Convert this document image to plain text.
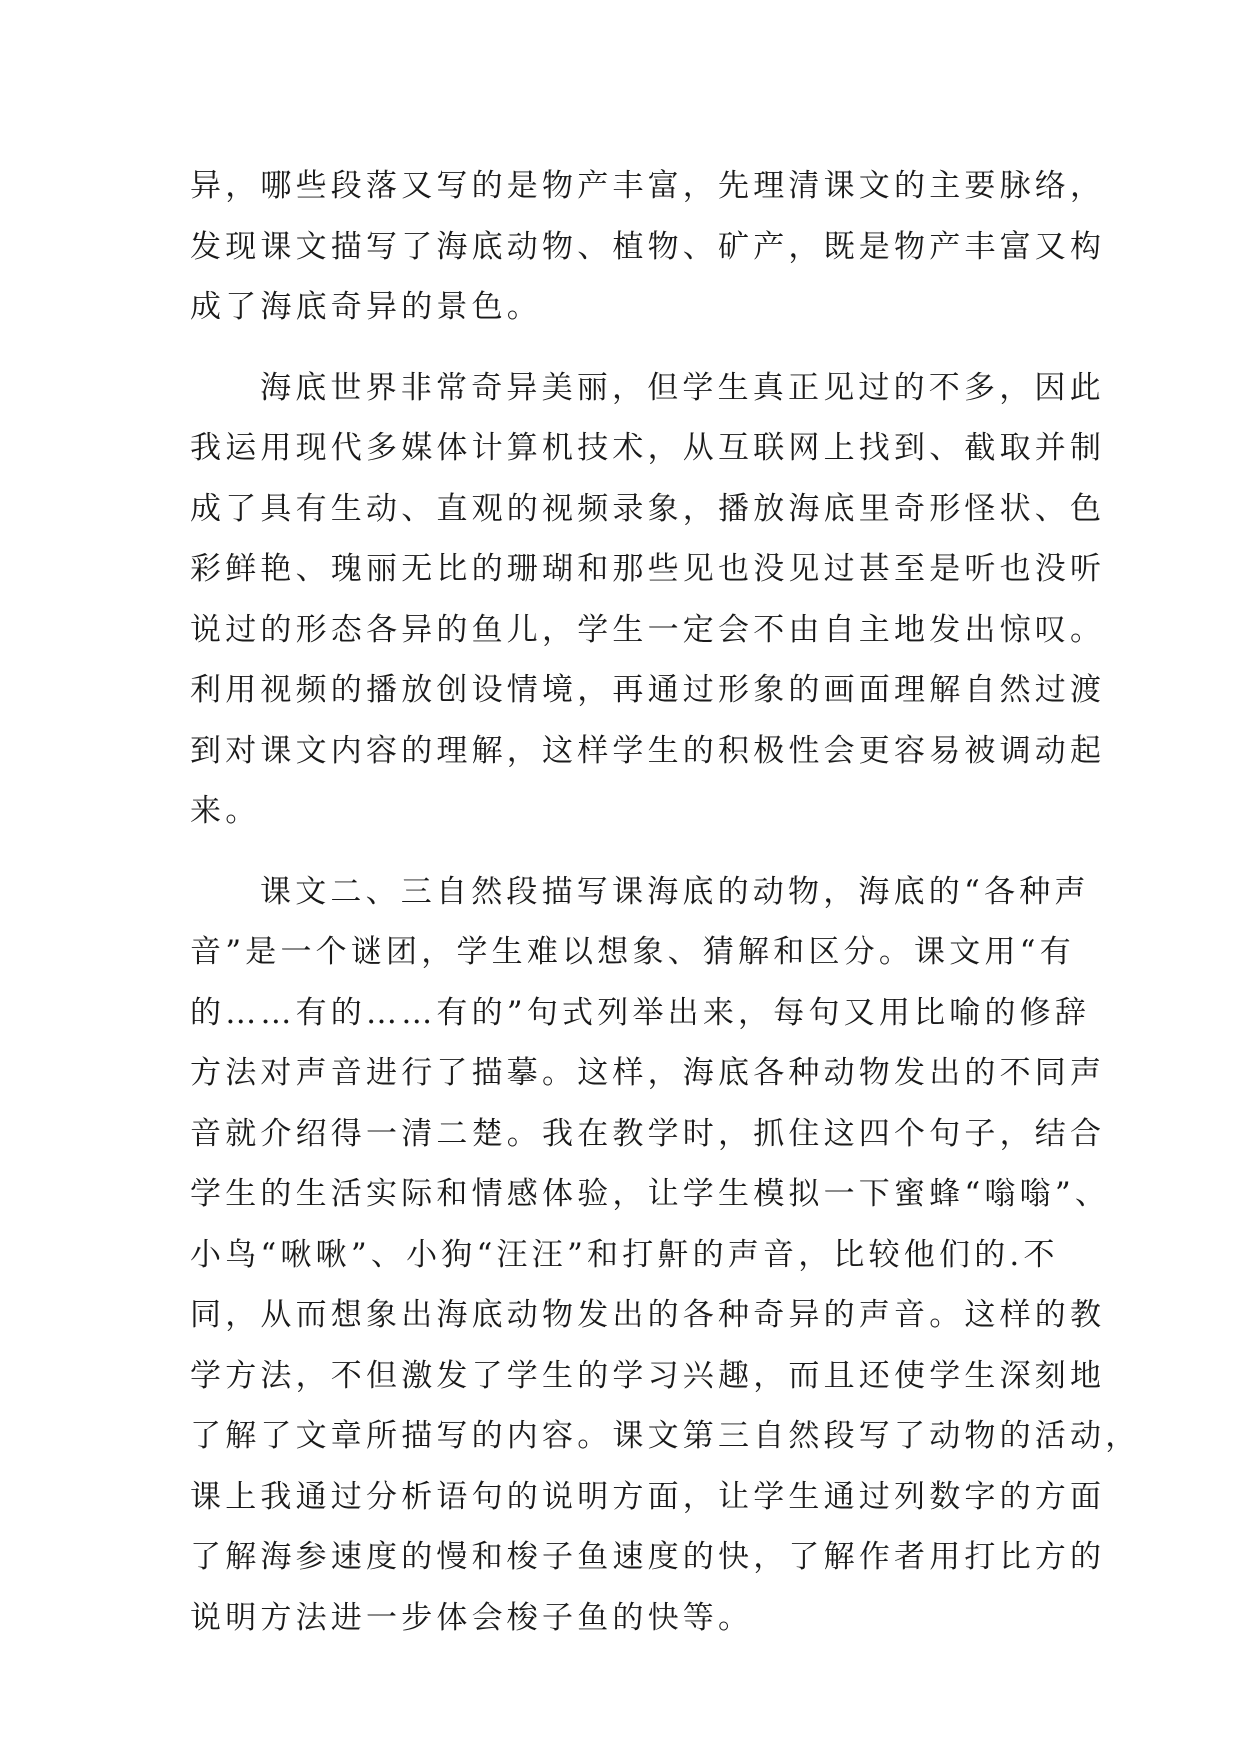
异，哪些段落又写的是物产丰富，先理清课文的主要脉络，
发现课文描写了海底动物、植物、矿产，既是物产丰富又构
成了海底奇异的景色。
海底世界非常奇异美丽，但学生真正见过的不多，因此
我运用现代多媒体计算机技术，从互联网上找到、截取并制
成了具有生动、直观的视频录象，播放海底里奇形怪状、色
彩鲜艳、瑰丽无比的珊瑚和那些见也没见过甚至是听也没听
说过的形态各异的鱼儿，学生一定会不由自主地发出惊叹。
利用视频的播放创设情境，再通过形象的画面理解自然过渡
到对课文内容的理解，这样学生的积极性会更容易被调动起
来。
课文二、三自然段描写课海底的动物，海底的“各种声
音”是一个谜团，学生难以想象、猜解和区分。课文用“有
的……有的……有的”句式列举出来，每句又用比喻的修辞
方法对声音进行了描摹。这样，海底各种动物发出的不同声
音就介绍得一清二楚。我在教学时，抓住这四个句子，结合
学生的生活实际和情感体验，让学生模拟一下蜜蜂“嗡嗡”、
小鸟“啾啾”、小狗“汪汪”和打鼾的声音，比较他们的.不
同，从而想象出海底动物发出的各种奇异的声音。这样的教
学方法，不但激发了学生的学习兴趣，而且还使学生深刻地
了解了文章所描写的内容。课文第三自然段写了动物的活动，
课上我通过分析语句的说明方面，让学生通过列数字的方面
了解海参速度的慢和梭子鱼速度的快，了解作者用打比方的
说明方法进一步体会梭子鱼的快等。
